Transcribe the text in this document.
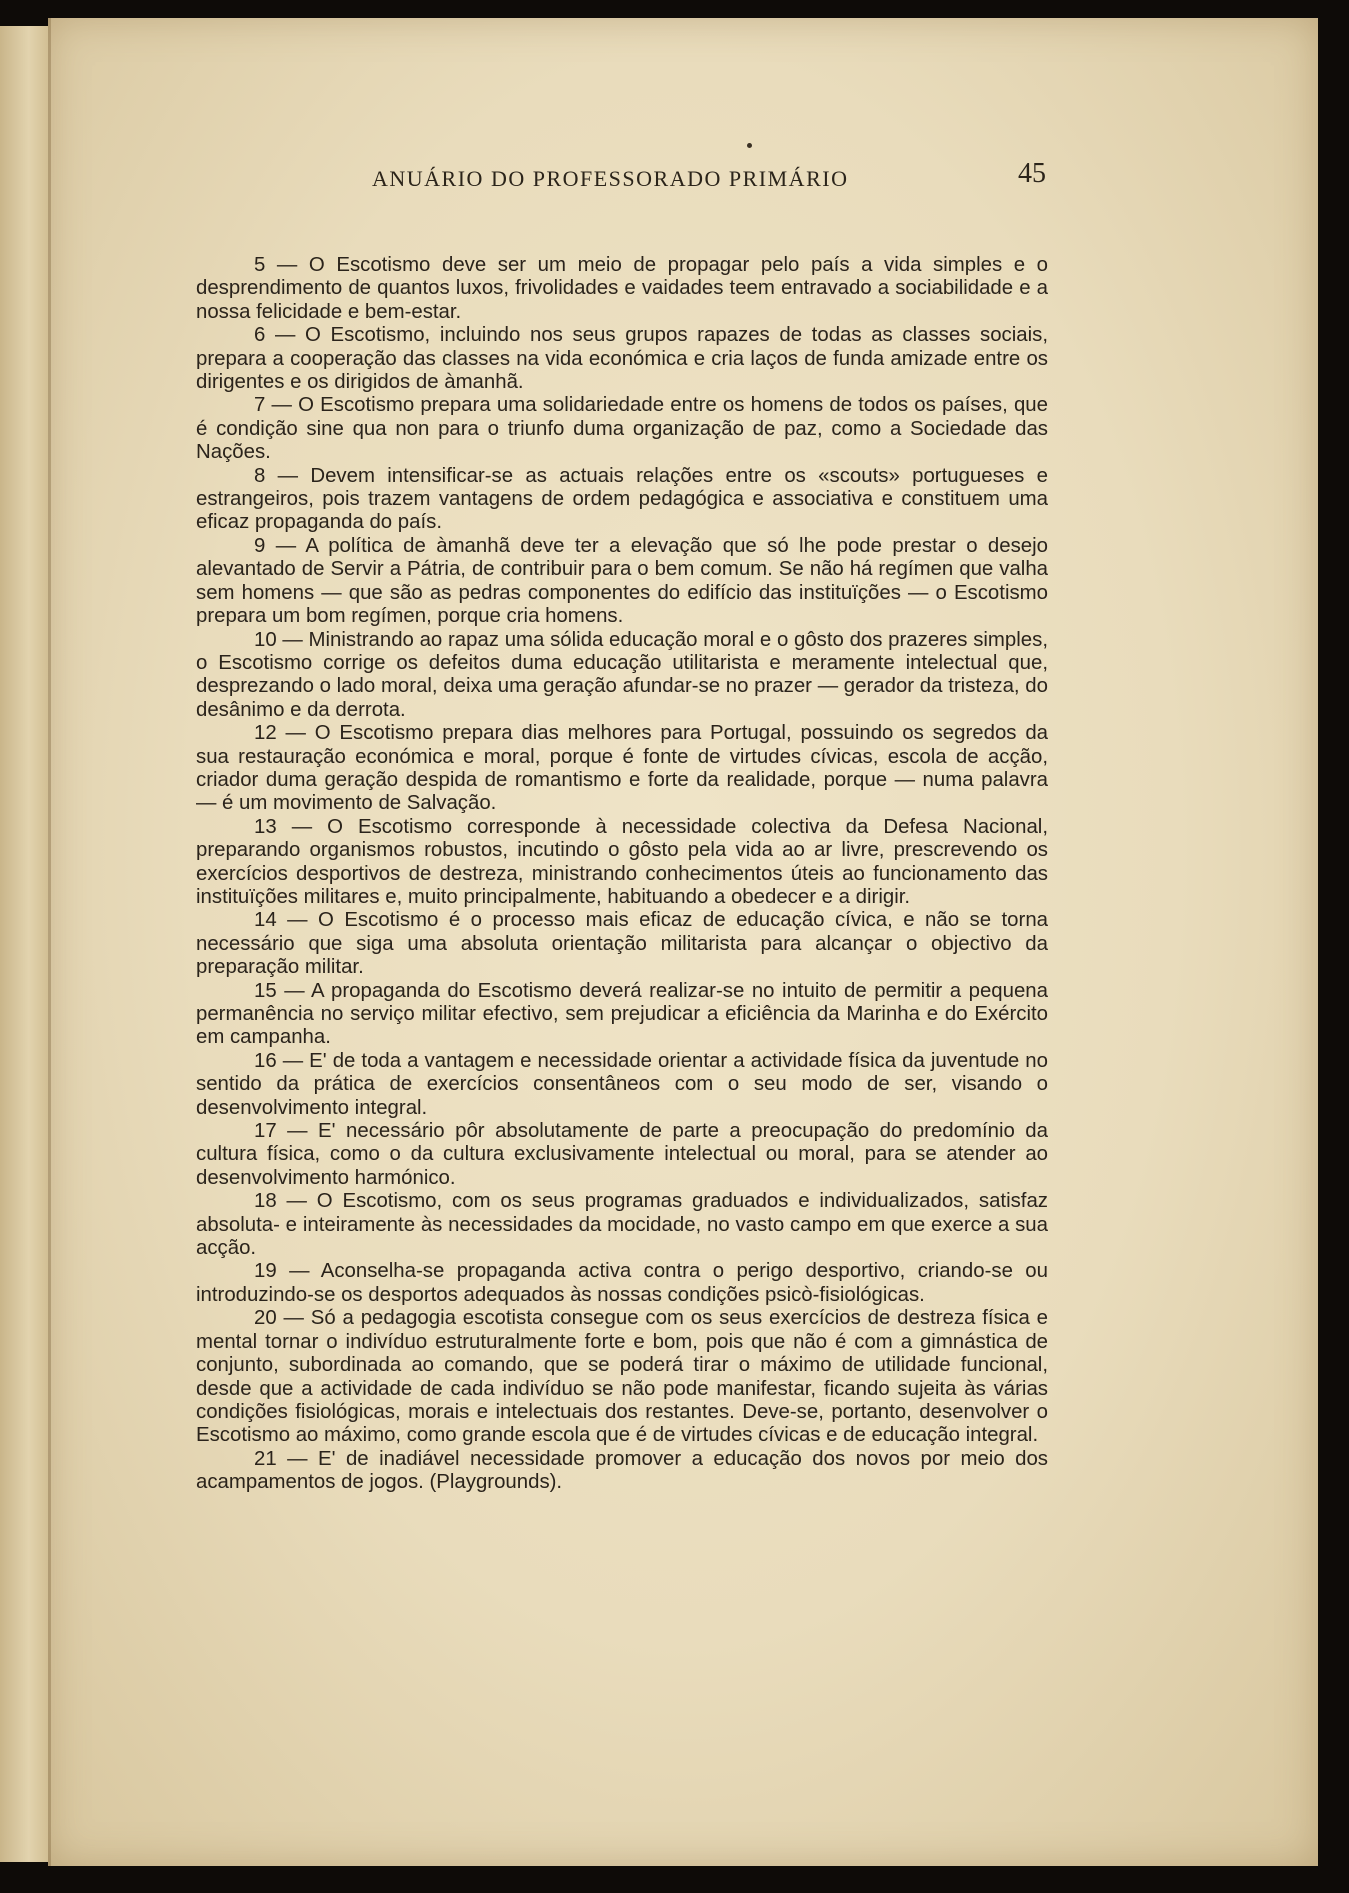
ANUÁRIO DO PROFESSORADO PRIMÁRIO	45

5 — O Escotismo deve ser um meio de propagar pelo país a vida simples e o desprendimento de quantos luxos, frivolidades e vaidades teem entravado a sociabilidade e a nossa felicidade e bem-estar.

6 — O Escotismo, incluindo nos seus grupos rapazes de todas as classes sociais, prepara a cooperação das classes na vida económica e cria laços de funda amizade entre os dirigentes e os dirigidos de àmanhã.

7 — O Escotismo prepara uma solidariedade entre os homens de todos os países, que é condição sine qua non para o triunfo duma organização de paz, como a Sociedade das Nações.

8 — Devem intensificar-se as actuais relações entre os «scouts» portugueses e estrangeiros, pois trazem vantagens de ordem pedagógica e associativa e constituem uma eficaz propaganda do país.

9 — A política de àmanhã deve ter a elevação que só lhe pode prestar o desejo alevantado de Servir a Pátria, de contribuir para o bem comum. Se não há regímen que valha sem homens — que são as pedras componentes do edifício das instituïções — o Escotismo prepara um bom regímen, porque cria homens.

10 — Ministrando ao rapaz uma sólida educação moral e o gôsto dos prazeres simples, o Escotismo corrige os defeitos duma educação utilitarista e meramente intelectual que, desprezando o lado moral, deixa uma geração afundar-se no prazer — gerador da tristeza, do desânimo e da derrota.

12 — O Escotismo prepara dias melhores para Portugal, possuindo os segredos da sua restauração económica e moral, porque é fonte de virtudes cívicas, escola de acção, criador duma geração despida de romantismo e forte da realidade, porque — numa palavra — é um movimento de Salvação.

13 — O Escotismo corresponde à necessidade colectiva da Defesa Nacional, preparando organismos robustos, incutindo o gôsto pela vida ao ar livre, prescrevendo os exercícios desportivos de destreza, ministrando conhecimentos úteis ao funcionamento das instituïções militares e, muito principalmente, habituando a obedecer e a dirigir.

14 — O Escotismo é o processo mais eficaz de educação cívica, e não se torna necessário que siga uma absoluta orientação militarista para alcançar o objectivo da preparação militar.

15 — A propaganda do Escotismo deverá realizar-se no intuito de permitir a pequena permanência no serviço militar efectivo, sem prejudicar a eficiência da Marinha e do Exército em campanha.

16 — E' de toda a vantagem e necessidade orientar a actividade física da juventude no sentido da prática de exercícios consentâneos com o seu modo de ser, visando o desenvolvimento integral.

17 — E' necessário pôr absolutamente de parte a preocupação do predomínio da cultura física, como o da cultura exclusivamente intelectual ou moral, para se atender ao desenvolvimento harmónico.

18 — O Escotismo, com os seus programas graduados e individualizados, satisfaz absoluta- e inteiramente às necessidades da mocidade, no vasto campo em que exerce a sua acção.

19 — Aconselha-se propaganda activa contra o perigo desportivo, criando-se ou introduzindo-se os desportos adequados às nossas condições psicò-fisiológicas.

20 — Só a pedagogia escotista consegue com os seus exercícios de destreza física e mental tornar o indivíduo estruturalmente forte e bom, pois que não é com a gimnástica de conjunto, subordinada ao comando, que se poderá tirar o máximo de utilidade funcional, desde que a actividade de cada indivíduo se não pode manifestar, ficando sujeita às várias condições fisiológicas, morais e intelectuais dos restantes. Deve-se, portanto, desenvolver o Escotismo ao máximo, como grande escola que é de virtudes cívicas e de educação integral.

21 — E' de inadiável necessidade promover a educação dos novos por meio dos acampamentos de jogos. (Playgrounds).
